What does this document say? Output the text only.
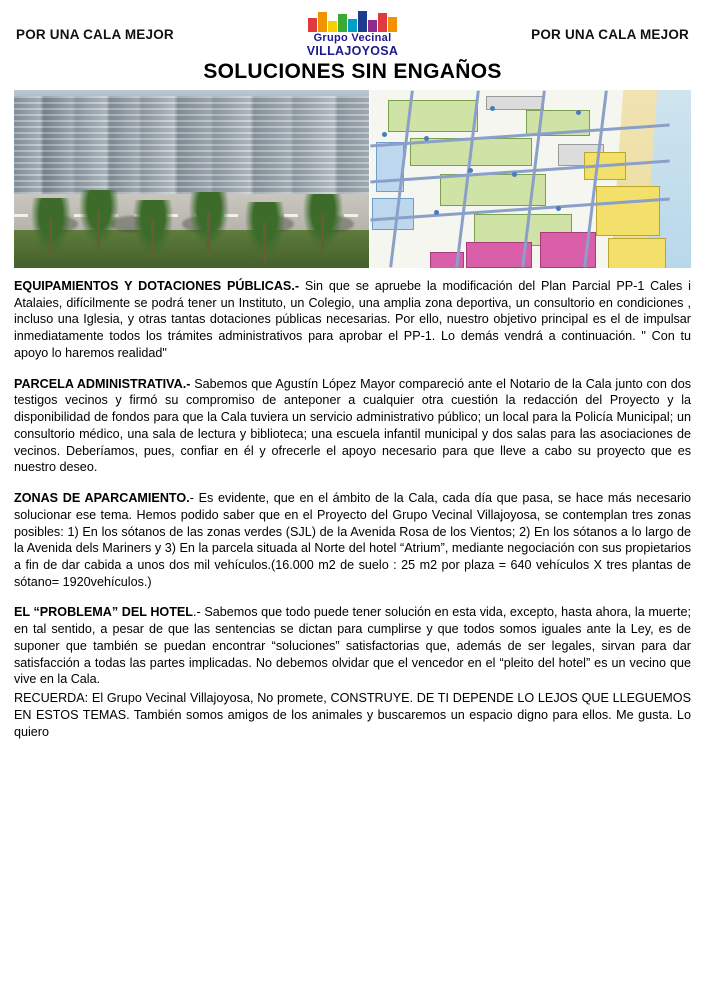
POR UNA CALA MEJOR	Grupo Vecinal
VILLAJOYOSA
POR UNA CALA MEJOR
SOLUCIONES SIN ENGAÑOS

EQUIPAMIENTOS Y DOTACIONES PÚBLICAS.- Sin que se apruebe la modificación del Plan Parcial PP-1 Cales i Atalaies, difícilmente se podrá tener un Instituto, un Colegio, una amplia zona deportiva, un consultorio en condiciones , incluso una Iglesia, y otras tantas dotaciones públicas necesarias. Por ello, nuestro objetivo principal es el de impulsar inmediatamente todos los trámites administrativos para aprobar el PP-1. Lo demás vendrá a continuación. " Con tu apoyo lo haremos realidad"

PARCELA ADMINISTRATIVA.- Sabemos que Agustín López Mayor compareció ante el Notario de la Cala junto con dos testigos vecinos y firmó su compromiso de anteponer a cualquier otra cuestión la redacción del Proyecto y la disponibilidad de fondos para que la Cala tuviera un servicio administrativo público; un local para la Policía Municipal; un consultorio médico, una sala de lectura y biblioteca; una escuela infantil municipal y dos salas para las asociaciones de vecinos. Deberíamos, pues, confiar en él y ofrecerle el apoyo necesario para que lleve a cabo su proyecto que es nuestro deseo.

ZONAS DE APARCAMIENTO.- Es evidente, que en el ámbito de la Cala, cada día que pasa, se hace más necesario solucionar ese tema. Hemos podido saber que en el Proyecto del Grupo Vecinal Villajoyosa, se contemplan tres zonas posibles: 1) En los sótanos de las zonas verdes (SJL) de la Avenida Rosa de los Vientos; 2) En los sótanos a lo largo de la Avenida dels Mariners y 3) En la parcela situada al Norte del hotel “Atrium”, mediante negociación con sus propietarios a fin de dar cabida a unos dos mil vehículos.(16.000 m2 de suelo : 25 m2 por plaza = 640 vehículos X tres plantas de sótano= 1920vehículos.)

EL “PROBLEMA” DEL HOTEL.- Sabemos que todo puede tener solución en esta vida, excepto, hasta ahora, la muerte; en tal sentido, a pesar de que las sentencias se dictan para cumplirse y que todos somos iguales ante la Ley, es de suponer que también se puedan encontrar “soluciones” satisfactorias que, además de ser legales, sirvan para dar satisfacción a todas las partes implicadas. No debemos olvidar que el vencedor en el “pleito del hotel” es un vecino que vive en la Cala.

RECUERDA: El Grupo Vecinal Villajoyosa, No promete, CONSTRUYE. DE TI DEPENDE LO LEJOS QUE LLEGUEMOS EN ESTOS TEMAS. También somos amigos de los animales y buscaremos un espacio digno para ellos. Me gusta. Lo quiero
